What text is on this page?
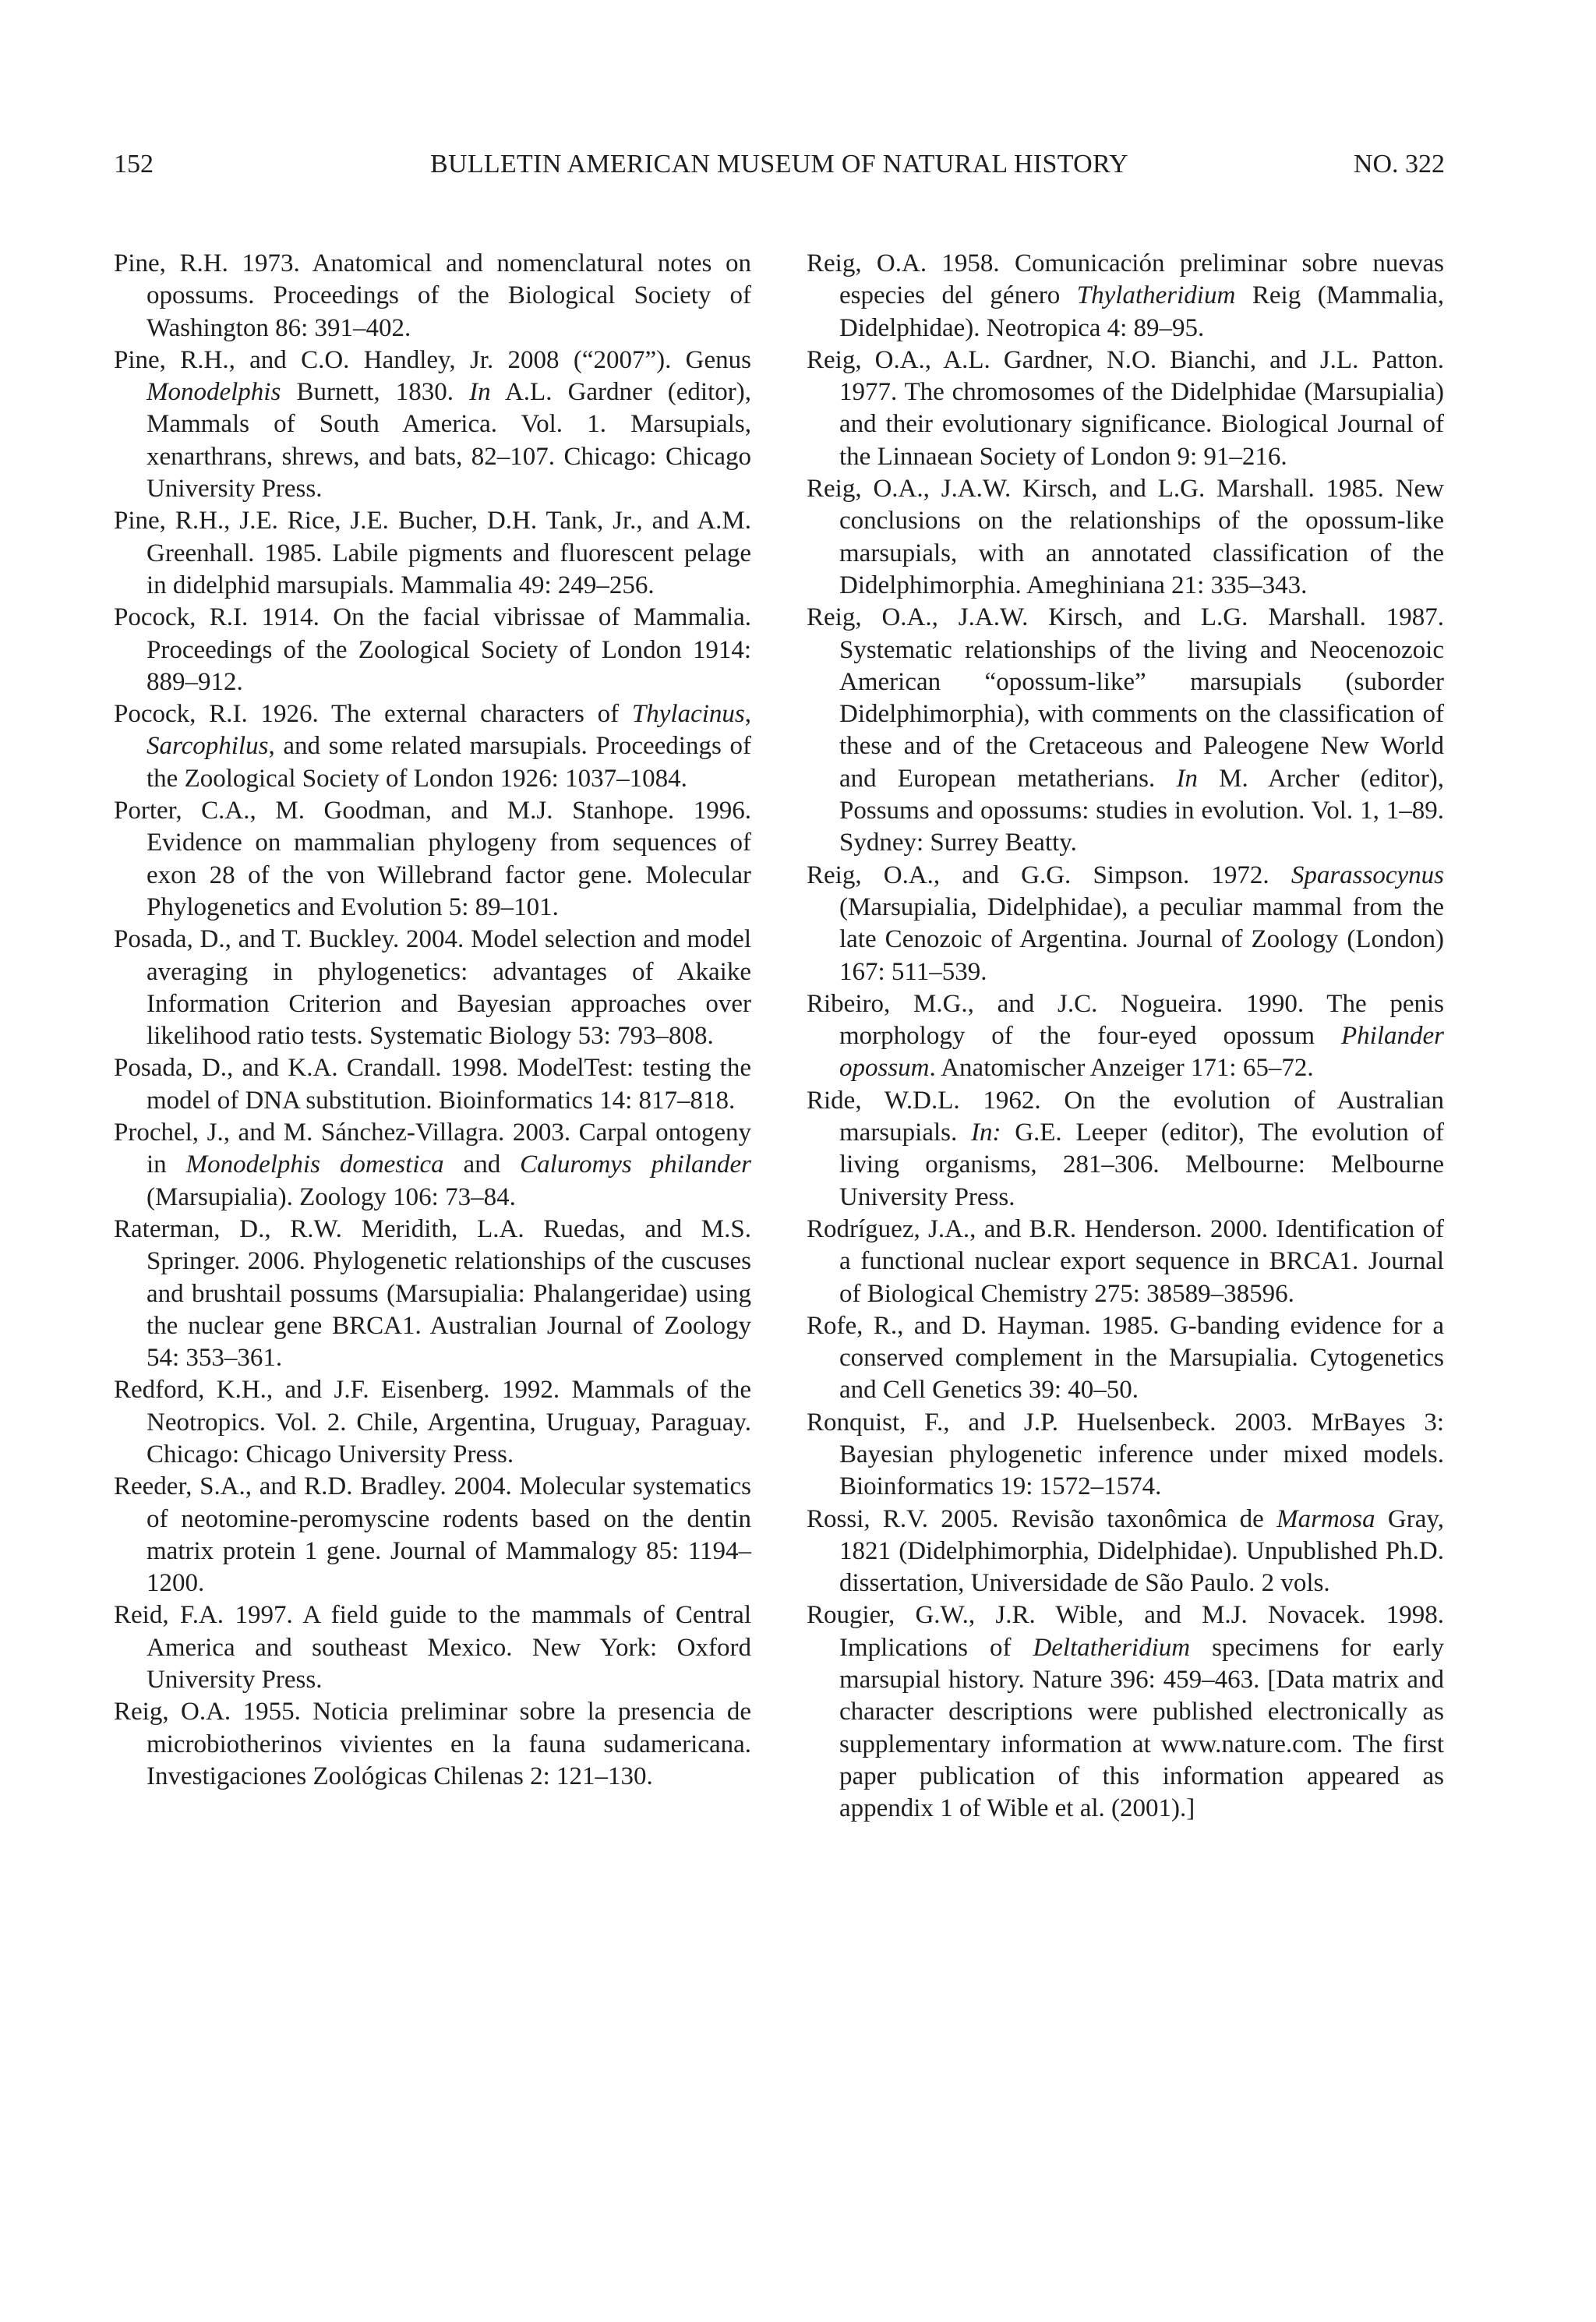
152	BULLETIN AMERICAN MUSEUM OF NATURAL HISTORY	NO. 322

Pine, R.H. 1973. Anatomical and nomenclatural notes on opossums. Proceedings of the Biological Society of Washington 86: 391–402.

Pine, R.H., and C.O. Handley, Jr. 2008 (“2007”). Genus Monodelphis Burnett, 1830. In A.L. Gardner (editor), Mammals of South America. Vol. 1. Marsupials, xenarthrans, shrews, and bats, 82–107. Chicago: Chicago University Press.

Pine, R.H., J.E. Rice, J.E. Bucher, D.H. Tank, Jr., and A.M. Greenhall. 1985. Labile pigments and fluorescent pelage in didelphid marsupials. Mammalia 49: 249–256.

Pocock, R.I. 1914. On the facial vibrissae of Mammalia. Proceedings of the Zoological Society of London 1914: 889–912.

Pocock, R.I. 1926. The external characters of Thylacinus, Sarcophilus, and some related marsupials. Proceedings of the Zoological Society of London 1926: 1037–1084.

Porter, C.A., M. Goodman, and M.J. Stanhope. 1996. Evidence on mammalian phylogeny from sequences of exon 28 of the von Willebrand factor gene. Molecular Phylogenetics and Evolution 5: 89–101.

Posada, D., and T. Buckley. 2004. Model selection and model averaging in phylogenetics: advantages of Akaike Information Criterion and Bayesian approaches over likelihood ratio tests. Systematic Biology 53: 793–808.

Posada, D., and K.A. Crandall. 1998. ModelTest: testing the model of DNA substitution. Bioinformatics 14: 817–818.

Prochel, J., and M. Sánchez-Villagra. 2003. Carpal ontogeny in Monodelphis domestica and Caluromys philander (Marsupialia). Zoology 106: 73–84.

Raterman, D., R.W. Meridith, L.A. Ruedas, and M.S. Springer. 2006. Phylogenetic relationships of the cuscuses and brushtail possums (Marsupialia: Phalangeridae) using the nuclear gene BRCA1. Australian Journal of Zoology 54: 353–361.

Redford, K.H., and J.F. Eisenberg. 1992. Mammals of the Neotropics. Vol. 2. Chile, Argentina, Uruguay, Paraguay. Chicago: Chicago University Press.

Reeder, S.A., and R.D. Bradley. 2004. Molecular systematics of neotomine-peromyscine rodents based on the dentin matrix protein 1 gene. Journal of Mammalogy 85: 1194–1200.

Reid, F.A. 1997. A field guide to the mammals of Central America and southeast Mexico. New York: Oxford University Press.

Reig, O.A. 1955. Noticia preliminar sobre la presencia de microbiotherinos vivientes en la fauna sudamericana. Investigaciones Zoológicas Chilenas 2: 121–130.

Reig, O.A. 1958. Comunicación preliminar sobre nuevas especies del género Thylatheridium Reig (Mammalia, Didelphidae). Neotropica 4: 89–95.

Reig, O.A., A.L. Gardner, N.O. Bianchi, and J.L. Patton. 1977. The chromosomes of the Didelphidae (Marsupialia) and their evolutionary significance. Biological Journal of the Linnaean Society of London 9: 91–216.

Reig, O.A., J.A.W. Kirsch, and L.G. Marshall. 1985. New conclusions on the relationships of the opossum-like marsupials, with an annotated classification of the Didelphimorphia. Ameghiniana 21: 335–343.

Reig, O.A., J.A.W. Kirsch, and L.G. Marshall. 1987. Systematic relationships of the living and Neocenozoic American “opossum-like” marsupials (suborder Didelphimorphia), with comments on the classification of these and of the Cretaceous and Paleogene New World and European metatherians. In M. Archer (editor), Possums and opossums: studies in evolution. Vol. 1, 1–89. Sydney: Surrey Beatty.

Reig, O.A., and G.G. Simpson. 1972. Sparassocynus (Marsupialia, Didelphidae), a peculiar mammal from the late Cenozoic of Argentina. Journal of Zoology (London) 167: 511–539.

Ribeiro, M.G., and J.C. Nogueira. 1990. The penis morphology of the four-eyed opossum Philander opossum. Anatomischer Anzeiger 171: 65–72.

Ride, W.D.L. 1962. On the evolution of Australian marsupials. In: G.E. Leeper (editor), The evolution of living organisms, 281–306. Melbourne: Melbourne University Press.

Rodríguez, J.A., and B.R. Henderson. 2000. Identification of a functional nuclear export sequence in BRCA1. Journal of Biological Chemistry 275: 38589–38596.

Rofe, R., and D. Hayman. 1985. G-banding evidence for a conserved complement in the Marsupialia. Cytogenetics and Cell Genetics 39: 40–50.

Ronquist, F., and J.P. Huelsenbeck. 2003. MrBayes 3: Bayesian phylogenetic inference under mixed models. Bioinformatics 19: 1572–1574.

Rossi, R.V. 2005. Revisão taxonômica de Marmosa Gray, 1821 (Didelphimorphia, Didelphidae). Unpublished Ph.D. dissertation, Universidade de São Paulo. 2 vols.

Rougier, G.W., J.R. Wible, and M.J. Novacek. 1998. Implications of Deltatheridium specimens for early marsupial history. Nature 396: 459–463. [Data matrix and character descriptions were published electronically as supplementary information at www.nature.com. The first paper publication of this information appeared as appendix 1 of Wible et al. (2001).]
